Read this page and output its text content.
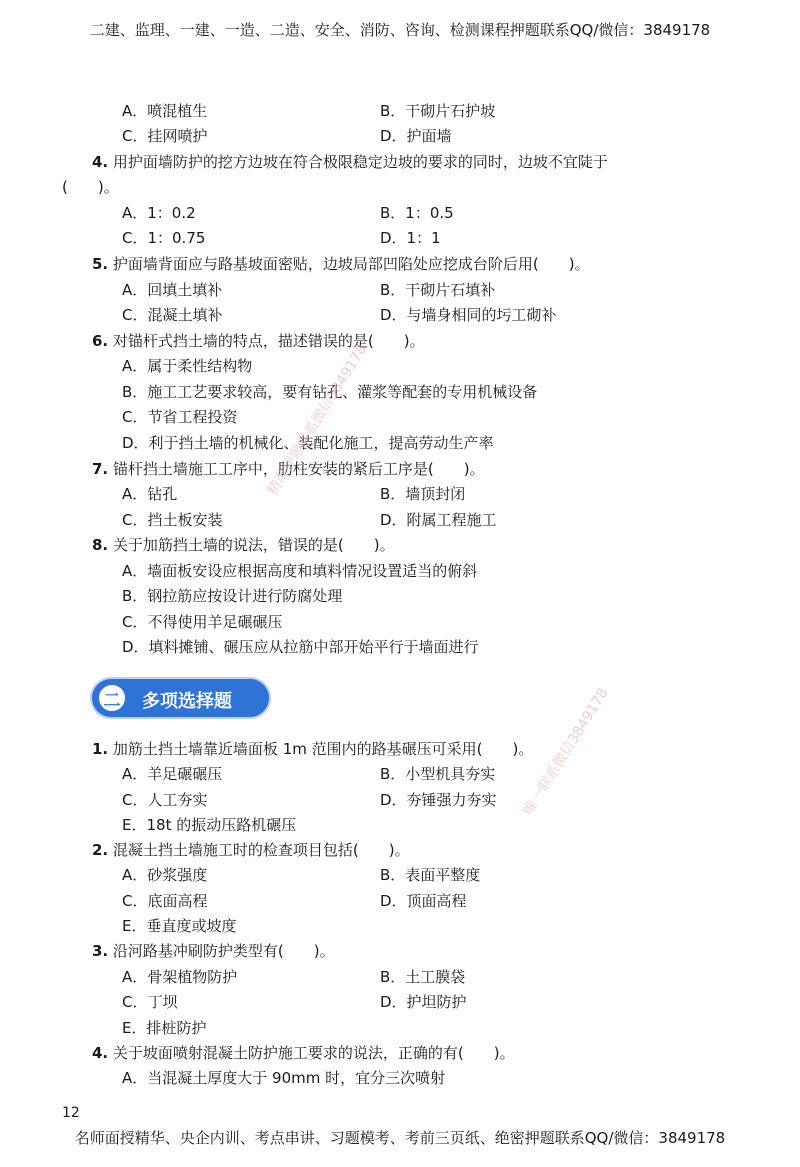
二建、监理、一建、一造、二造、安全、消防、咨询、检测课程押题联系QQ/微信：3849178
A．喷混植生	B．干砌片石护坡
C．挂网喷护	D．护面墙
4. 用护面墙防护的挖方边坡在符合极限稳定边坡的要求的同时，边坡不宜陡于
(　　)。
A．1：0.2	B．1：0.5
C．1：0.75	D．1：1
5. 护面墙背面应与路基坡面密贴，边坡局部凹陷处应挖成台阶后用(　　)。
A．回填土填补	B．干砌片石填补
C．混凝土填补	D．与墙身相同的圬工砌补
6. 对锚杆式挡土墙的特点，描述错误的是(　　)。
A．属于柔性结构物
B．施工工艺要求较高，要有钻孔、灌浆等配套的专用机械设备
C．节省工程投资
D．利于挡土墙的机械化、装配化施工，提高劳动生产率
7. 锚杆挡土墙施工工序中，肋柱安装的紧后工序是(　　)。
A．钻孔	B．墙顶封闭
C．挡土板安装	D．附属工程施工
8. 关于加筋挡土墙的说法，错误的是(　　)。
A．墙面板安设应根据高度和填料情况设置适当的俯斜
B．钢拉筋应按设计进行防腐处理
C．不得使用羊足碾碾压
D．填料摊铺、碾压应从拉筋中部开始平行于墙面进行
二 多项选择题
1. 加筋土挡土墙靠近墙面板 1m 范围内的路基碾压可采用(　　)。
A．羊足碾碾压	B．小型机具夯实
C．人工夯实	D．夯锤强力夯实
E．18t 的振动压路机碾压
2. 混凝土挡土墙施工时的检查项目包括(　　)。
A．砂浆强度	B．表面平整度
C．底面高程	D．顶面高程
E．垂直度或坡度
3. 沿河路基冲刷防护类型有(　　)。
A．骨架植物防护	B．土工膜袋
C．丁坝	D．护坦防护
E．排桩防护
4. 关于坡面喷射混凝土防护施工要求的说法，正确的有(　　)。
A．当混凝土厚度大于 90mm 时，宜分三次喷射
精准押题联系微信3849178
唯一联系微信3849178
12
名师面授精华、央企内训、考点串讲、习题模考、考前三页纸、绝密押题联系QQ/微信：3849178
